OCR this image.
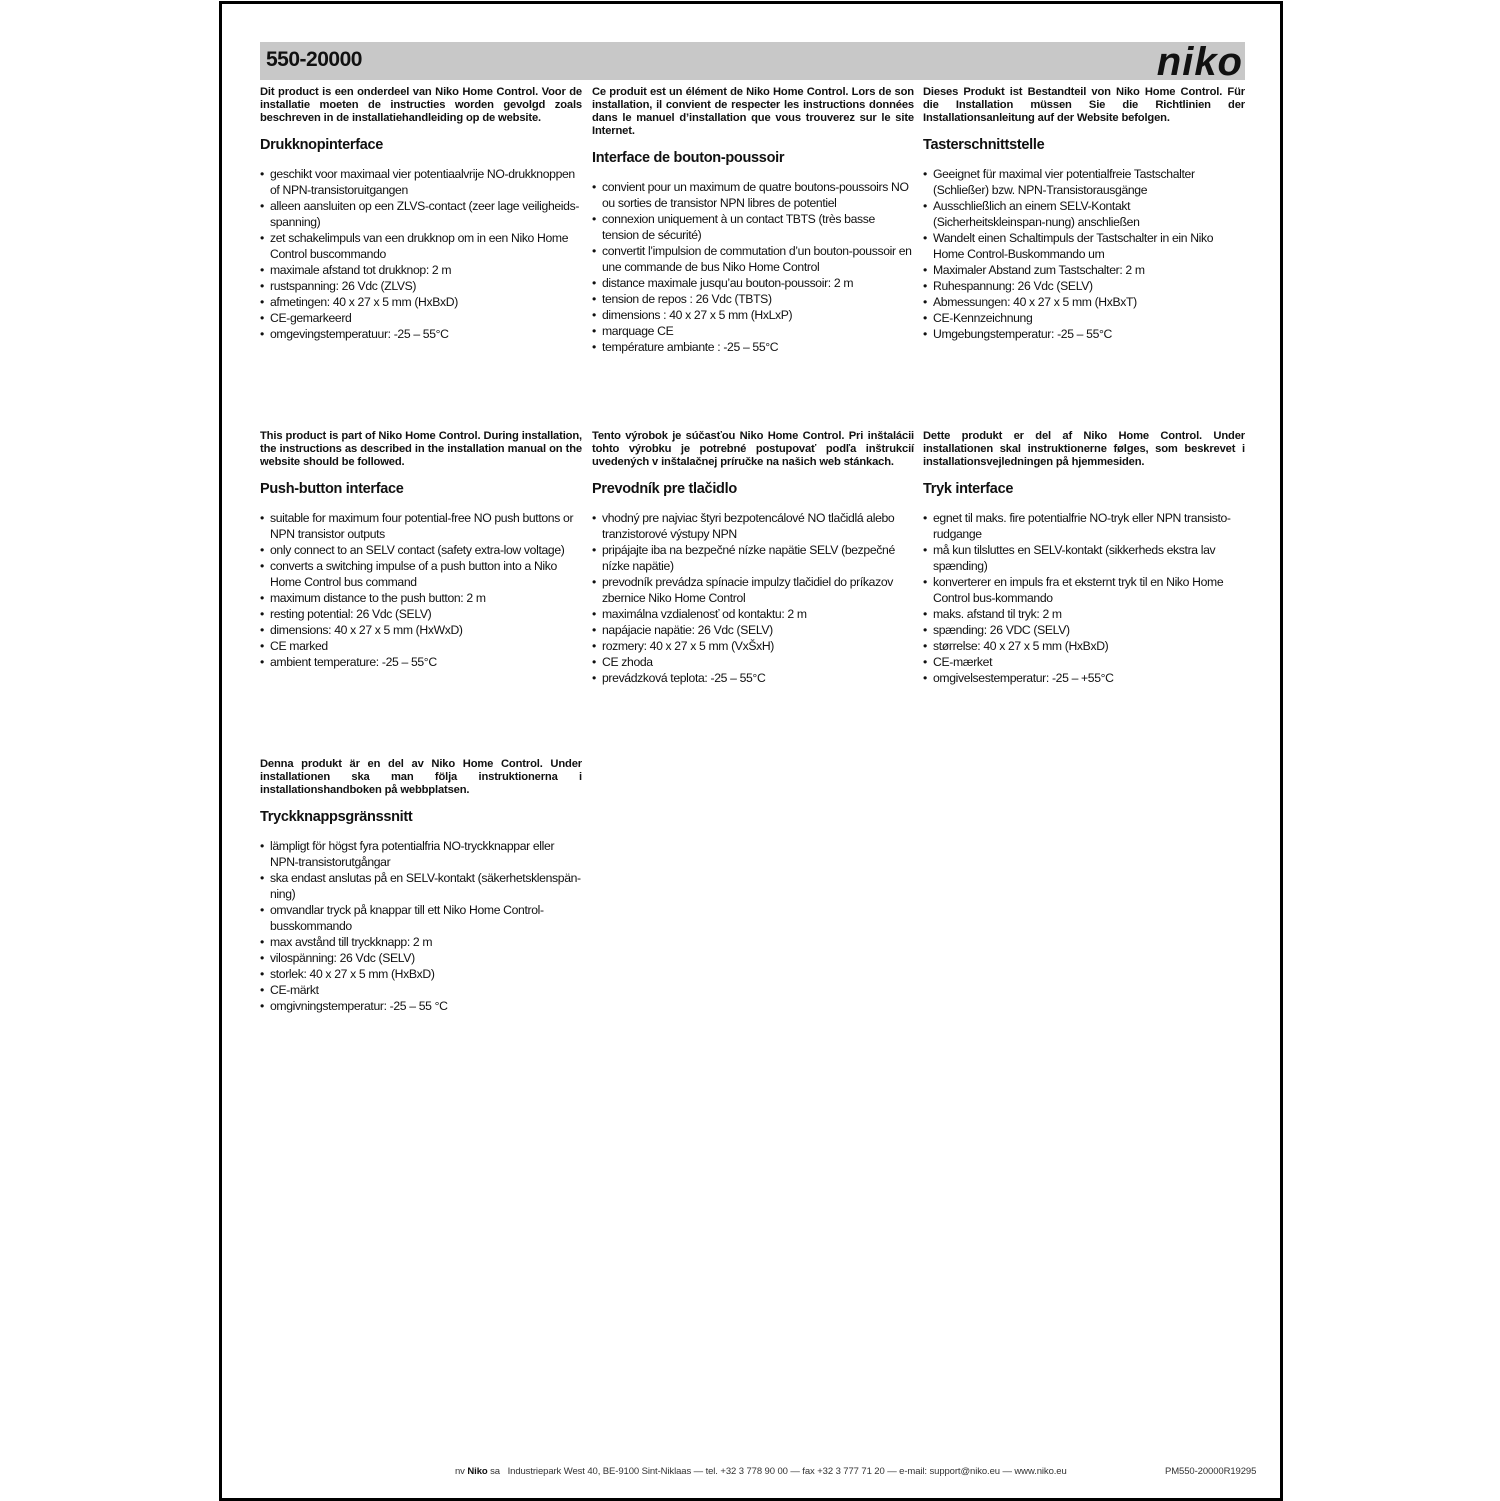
550-20000	niko

Dit product is een onderdeel van Niko Home Control. Voor de installatie moeten de instructies worden gevolgd zoals beschreven in de installatiehandleiding op de website.

Drukknopinterface
• geschikt voor maximaal vier potentiaalvrije NO-drukknoppen of NPN-transistoruitgangen
• alleen aansluiten op een ZLVS-contact (zeer lage veiligheids-spanning)
• zet schakelimpuls van een drukknop om in een Niko Home Control buscommando
• maximale afstand tot drukknop: 2 m
• rustspanning: 26 Vdc (ZLVS)
• afmetingen: 40 x 27 x 5 mm (HxBxD)
• CE-gemarkeerd
• omgevingstemperatuur: -25 – 55°C

Ce produit est un élément de Niko Home Control. Lors de son installation, il convient de respecter les instructions données dans le manuel d’installation que vous trouverez sur le site Internet.

Interface de bouton-poussoir
• convient pour un maximum de quatre boutons-poussoirs NO ou sorties de transistor NPN libres de potentiel
• connexion uniquement à un contact TBTS (très basse tension de sécurité)
• convertit l’impulsion de commutation d’un bouton-poussoir en une commande de bus Niko Home Control
• distance maximale jusqu’au bouton-poussoir: 2 m
• tension de repos : 26 Vdc (TBTS)
• dimensions : 40 x 27 x 5 mm (HxLxP)
• marquage CE
• température ambiante : -25 – 55°C

Dieses Produkt ist Bestandteil von Niko Home Control. Für die Installation müssen Sie die Richtlinien der Installationsanleitung auf der Website befolgen.

Tasterschnittstelle
• Geeignet für maximal vier potentialfreie Tastschalter (Schließer) bzw. NPN-Transistorausgänge
• Ausschließlich an einem SELV-Kontakt (Sicherheitskleinspan-nung) anschließen
• Wandelt einen Schaltimpuls der Tastschalter in ein Niko Home Control-Buskommando um
• Maximaler Abstand zum Tastschalter: 2 m
• Ruhespannung: 26 Vdc (SELV)
• Abmessungen: 40 x 27 x 5 mm (HxBxT)
• CE-Kennzeichnung
• Umgebungstemperatur: -25 – 55°C

This product is part of Niko Home Control. During installation, the instructions as described in the installation manual on the website should be followed.

Push-button interface
• suitable for maximum four potential-free NO push buttons or NPN transistor outputs
• only connect to an SELV contact (safety extra-low voltage)
• converts a switching impulse of a push button into a Niko Home Control bus command
• maximum distance to the push button: 2 m
• resting potential: 26 Vdc (SELV)
• dimensions: 40 x 27 x 5 mm (HxWxD)
• CE marked
• ambient temperature: -25 – 55°C

Tento výrobok je súčasťou Niko Home Control. Pri inštalácii tohto výrobku je potrebné postupovať podľa inštrukcií uvedených v inštalačnej príručke na našich web stánkach.

Prevodník pre tlačidlo
• vhodný pre najviac štyri bezpotencálové NO tlačidlá alebo tranzistorové výstupy NPN
• pripájajte iba na bezpečné nízke napätie SELV (bezpečné nízke napätie)
• prevodník prevádza spínacie impulzy tlačidiel do príkazov zbernice Niko Home Control
• maximálna vzdialenosť od kontaktu: 2 m
• napájacie napätie: 26 Vdc (SELV)
• rozmery: 40 x 27 x 5 mm (VxŠxH)
• CE zhoda
• prevádzková teplota: -25 – 55°C

Dette produkt er del af Niko Home Control. Under installationen skal instruktionerne følges, som beskrevet i installationsvejledningen på hjemmesiden.

Tryk interface
• egnet til maks. fire potentialfrie NO-tryk eller NPN transisto-rudgange
• må kun tilsluttes en SELV-kontakt (sikkerheds ekstra lav spænding)
• konverterer en impuls fra et eksternt tryk til en Niko Home Control bus-kommando
• maks. afstand til tryk: 2 m
• spænding: 26 VDC (SELV)
• størrelse: 40 x 27 x 5 mm (HxBxD)
• CE-mærket
• omgivelsestemperatur: -25 – +55°C

Denna produkt är en del av Niko Home Control. Under installationen ska man följa instruktionerna i installationshandboken på webbplatsen.

Tryckknappsgränssnitt
• lämpligt för högst fyra potentialfria NO-tryckknappar eller NPN-transistorutgångar
• ska endast anslutas på en SELV-kontakt (säkerhetsklenspän-ning)
• omvandlar tryck på knappar till ett Niko Home Control-busskommando
• max avstånd till tryckknapp: 2 m
• vilospänning: 26 Vdc (SELV)
• storlek: 40 x 27 x 5 mm (HxBxD)
• CE-märkt
• omgivningstemperatur: -25 – 55 °C
nv Niko sa Industriepark West 40, BE-9100 Sint-Niklaas — tel. +32 3 778 90 00 — fax +32 3 777 71 20 — e-mail: support@niko.eu — www.niko.eu	PM550-20000R19295
